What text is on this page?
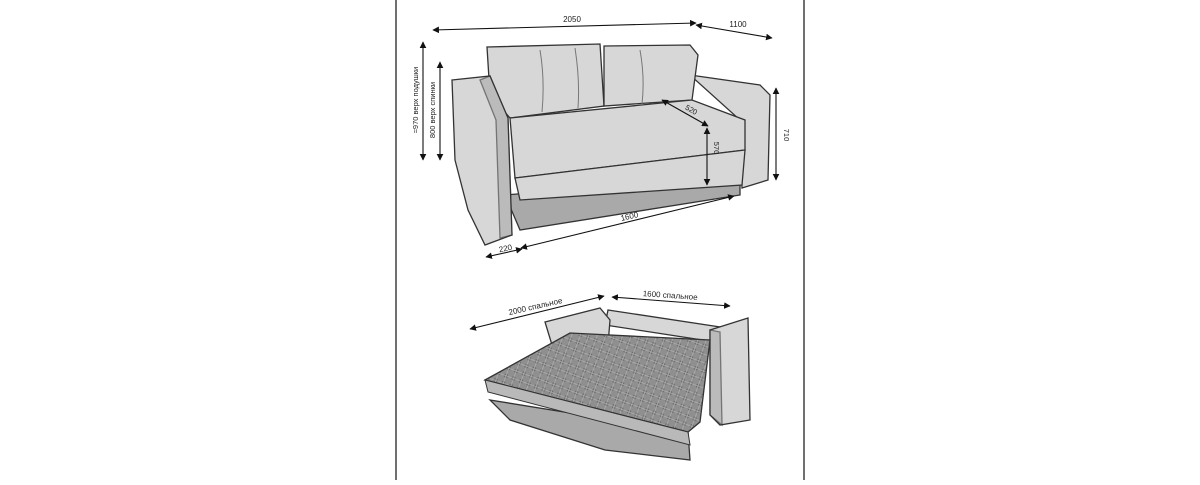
2050
1100
≈970 верх подушки 800 верх спинки	710
520
570
1600
220
2000 спальное
1600 спальное
